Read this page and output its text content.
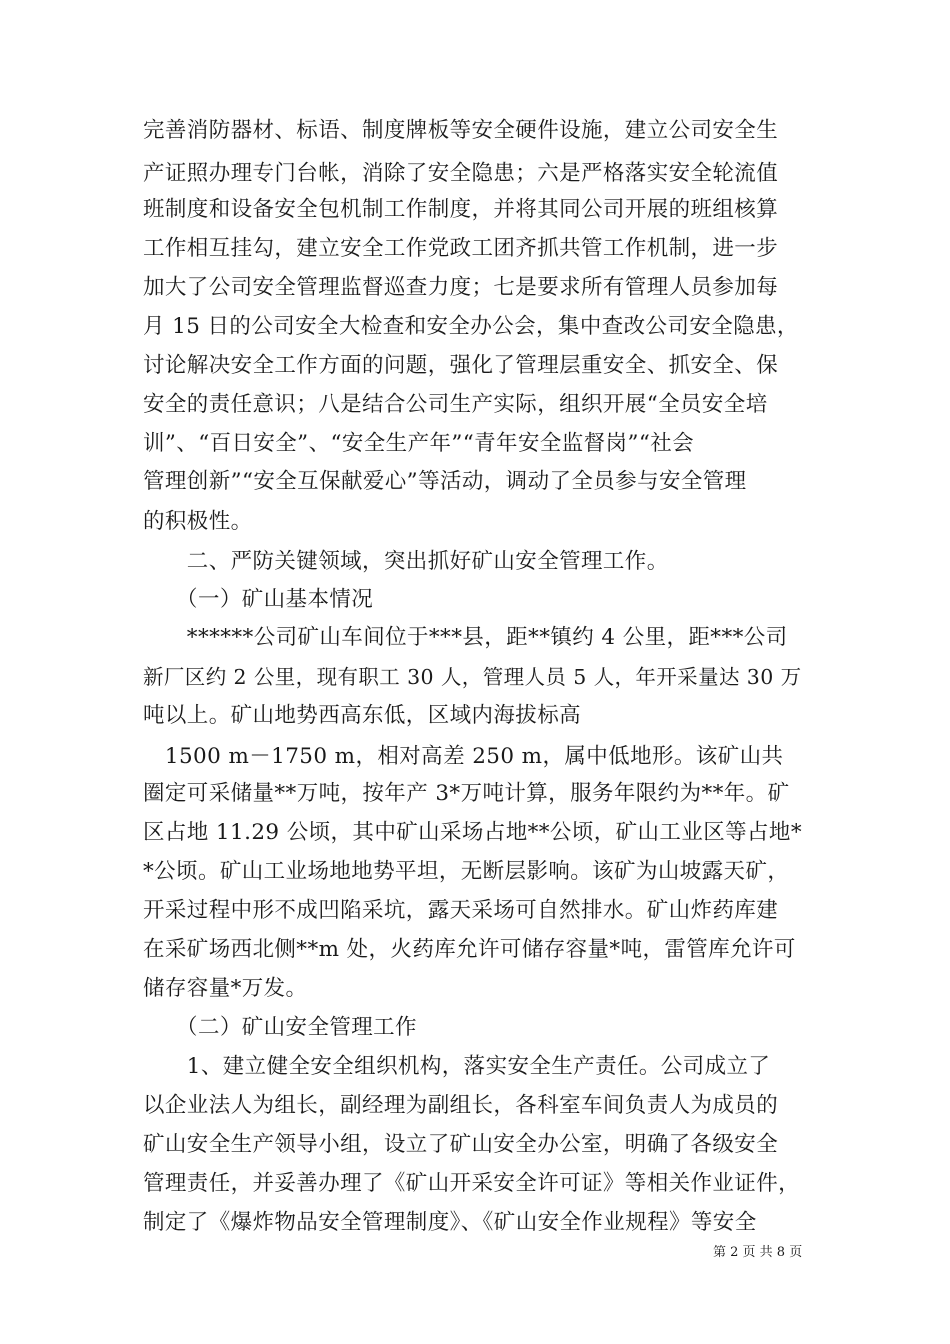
完善消防器材、标语、制度牌板等安全硬件设施，建立公司安全生
产证照办理专门台帐，消除了安全隐患；六是严格落实安全轮流值
班制度和设备安全包机制工作制度，并将其同公司开展的班组核算
工作相互挂勾，建立安全工作党政工团齐抓共管工作机制，进一步
加大了公司安全管理监督巡查力度；七是要求所有管理人员参加每
月 15 日的公司安全大检查和安全办公会，集中查改公司安全隐患，
讨论解决安全工作方面的问题，强化了管理层重安全、抓安全、保
安全的责任意识；八是结合公司生产实际，组织开展“全员安全培
训”、“百日安全”、“安全生产年”“青年安全监督岗”“社会
管理创新”“安全互保献爱心”等活动，调动了全员参与安全管理
的积极性。
　　二、严防关键领域，突出抓好矿山安全管理工作。
　　（一）矿山基本情况
　　******公司矿山车间位于***县，距**镇约 4 公里，距***公司
新厂区约 2 公里，现有职工 30 人，管理人员 5 人，年开采量达 30 万
吨以上。矿山地势西高东低，区域内海拔标高
　1500 m－1750 m，相对高差 250 m，属中低地形。该矿山共
圈定可采储量**万吨，按年产 3*万吨计算，服务年限约为**年。矿
区占地 11.29 公顷，其中矿山采场占地**公顷，矿山工业区等占地*
*公顷。矿山工业场地地势平坦，无断层影响。该矿为山坡露天矿，
开采过程中形不成凹陷采坑，露天采场可自然排水。矿山炸药库建
在采矿场西北侧**m 处，火药库允许可储存容量*吨，雷管库允许可
储存容量*万发。
　　（二）矿山安全管理工作
　　1、建立健全安全组织机构，落实安全生产责任。公司成立了
以企业法人为组长，副经理为副组长，各科室车间负责人为成员的
矿山安全生产领导小组，设立了矿山安全办公室，明确了各级安全
管理责任，并妥善办理了《矿山开采安全许可证》等相关作业证件，
制定了《爆炸物品安全管理制度》、《矿山安全作业规程》等安全
第 2 页 共 8 页
